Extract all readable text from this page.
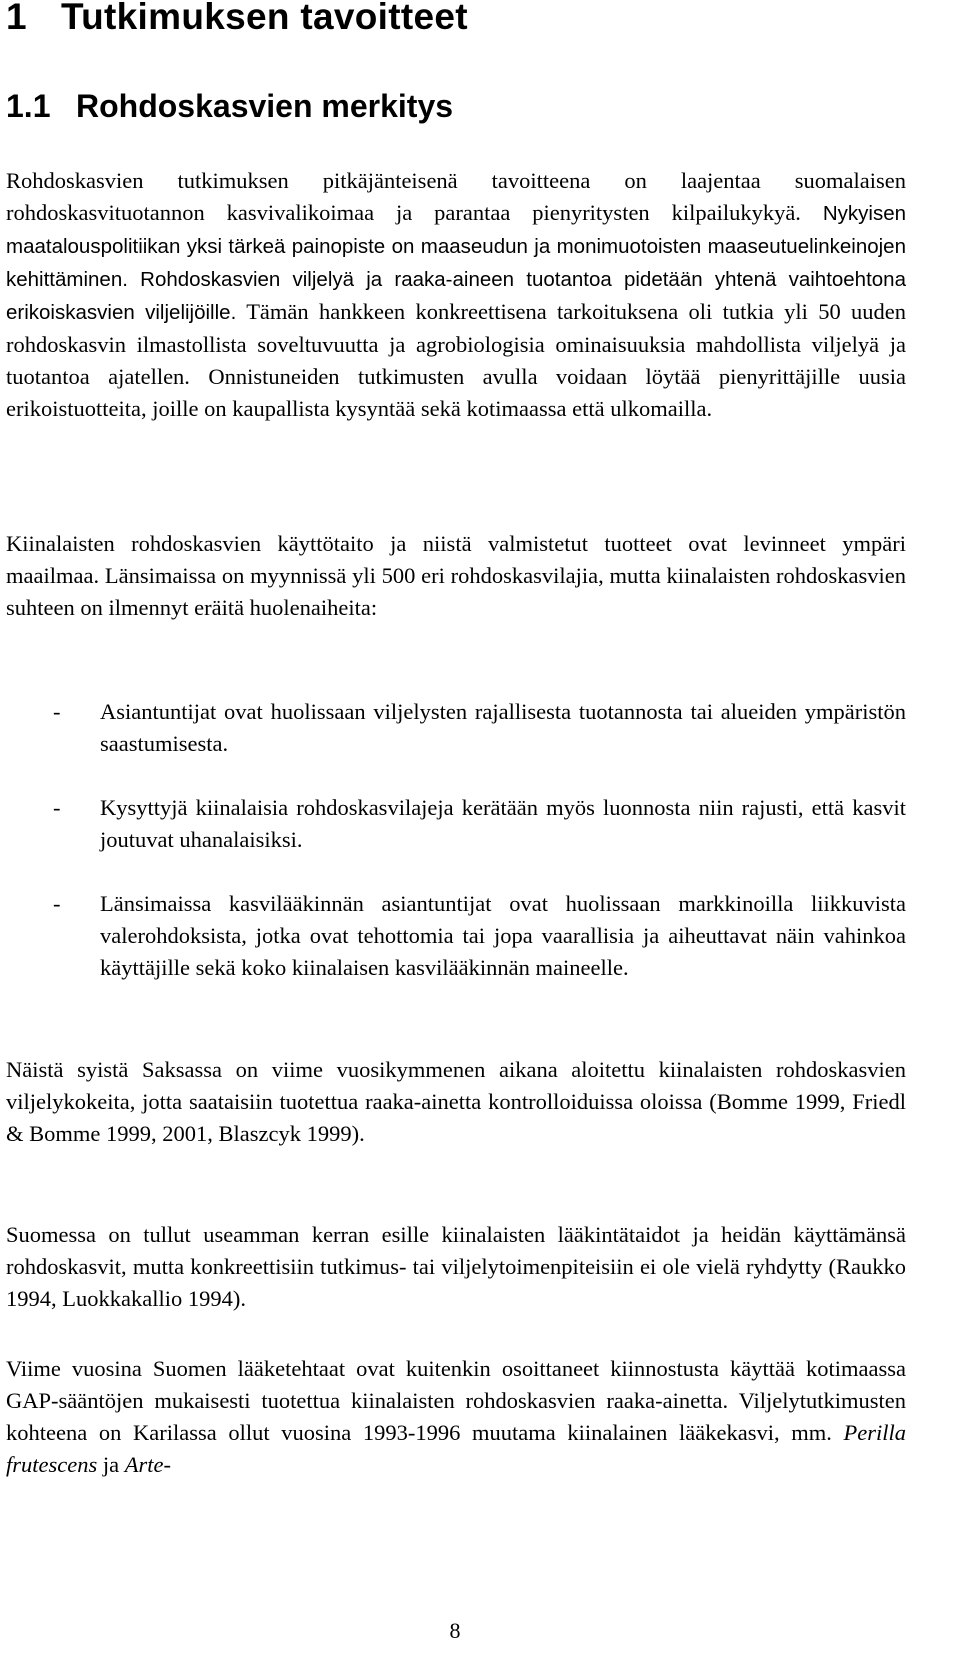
1 Tutkimuksen tavoitteet
1.1 Rohdoskasvien merkitys

Rohdoskasvien tutkimuksen pitkäjänteisenä tavoitteena on laajentaa suomalaisen rohdoskasvituotannon kasvivalikoimaa ja parantaa pienyritysten kilpailukykyä. Nykyisen maatalouspolitiikan yksi tärkeä painopiste on maaseudun ja monimuotoisten maaseutuelinkeinojen kehittäminen. Rohdoskasvien viljelyä ja raaka-aineen tuotantoa pidetään yhtenä vaihtoehtona erikoiskasvien viljelijöille. Tämän hankkeen konkreettisena tarkoituksena oli tutkia yli 50 uuden rohdoskasvin ilmastollista soveltuvuutta ja agrobiologisia ominaisuuksia mahdollista viljelyä ja tuotantoa ajatellen. Onnistuneiden tutkimusten avulla voidaan löytää pienyrittäjille uusia erikoistuotteita, joille on kaupallista kysyntää sekä kotimaassa että ulkomailla.

Kiinalaisten rohdoskasvien käyttötaito ja niistä valmistetut tuotteet ovat levinneet ympäri maailmaa. Länsimaissa on myynnissä yli 500 eri rohdoskasvilajia, mutta kiinalaisten rohdoskasvien suhteen on ilmennyt eräitä huolenaiheita:

- Asiantuntijat ovat huolissaan viljelysten rajallisesta tuotannosta tai alueiden ympäristön saastumisesta.
- Kysyttyjä kiinalaisia rohdoskasvilajeja kerätään myös luonnosta niin rajusti, että kasvit joutuvat uhanalaisiksi.
- Länsimaissa kasvilääkinnän asiantuntijat ovat huolissaan markkinoilla liikkuvista valerohdoksista, jotka ovat tehottomia tai jopa vaarallisia ja aiheuttavat näin vahinkoa käyttäjille sekä koko kiinalaisen kasvilääkinnän maineelle.

Näistä syistä Saksassa on viime vuosikymmenen aikana aloitettu kiinalaisten rohdoskasvien viljelykokeita, jotta saataisiin tuotettua raaka-ainetta kontrolloiduissa oloissa (Bomme 1999, Friedl & Bomme 1999, 2001, Blaszcyk 1999).

Suomessa on tullut useamman kerran esille kiinalaisten lääkintätaidot ja heidän käyttämänsä rohdoskasvit, mutta konkreettisiin tutkimus- tai viljelytoimenpiteisiin ei ole vielä ryhdytty (Raukko 1994, Luokkakallio 1994).

Viime vuosina Suomen lääketehtaat ovat kuitenkin osoittaneet kiinnostusta käyttää kotimaassa GAP-sääntöjen mukaisesti tuotettua kiinalaisten rohdoskasvien raaka-ainetta. Viljelytutkimusten kohteena on Karilassa ollut vuosina 1993-1996 muutama kiinalainen lääkekasvi, mm. Perilla frutescens ja Arte-

8
